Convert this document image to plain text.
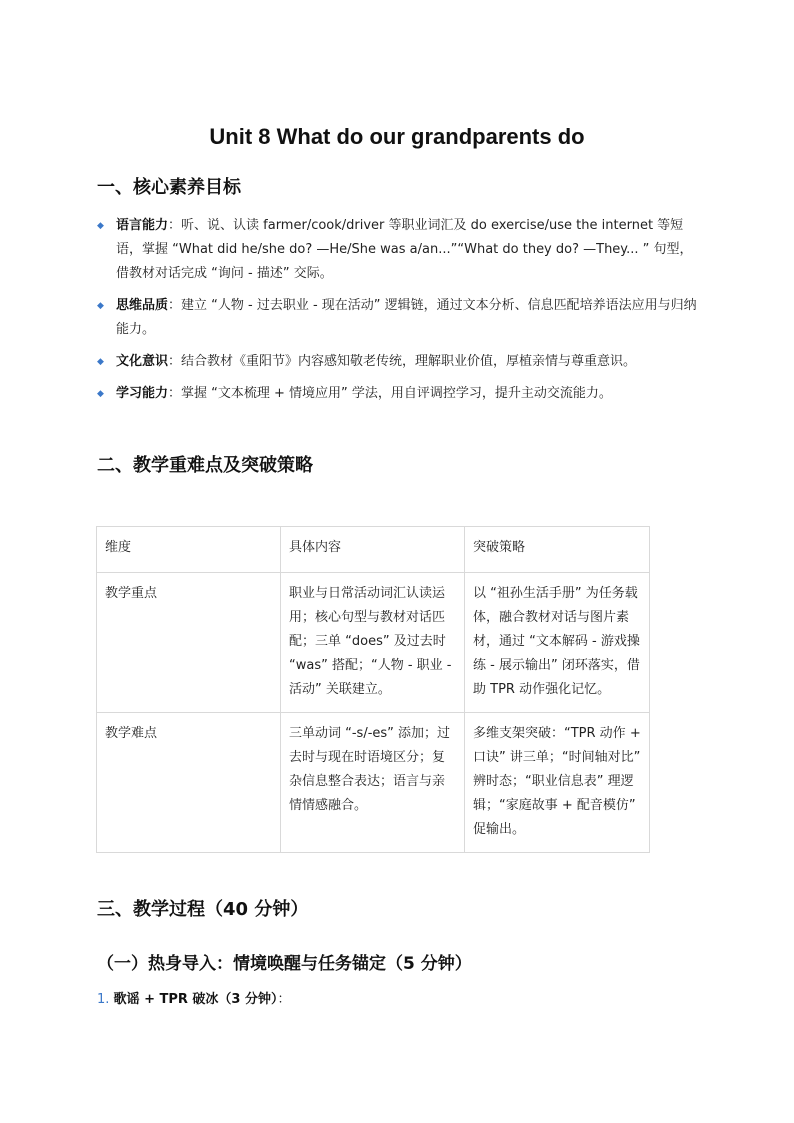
Unit 8 What do our grandparents do
一、核心素养目标
◆ 语言能力：听、说、认读 farmer/cook/driver 等职业词汇及 do exercise/use the internet 等短语，掌握 “What did he/she do? —He/She was a/an...”“What do they do? —They... ” 句型，借教材对话完成 “询问 - 描述” 交际。
◆ 思维品质：建立 “人物 - 过去职业 - 现在活动” 逻辑链，通过文本分析、信息匹配培养语法应用与归纳能力。
◆ 文化意识：结合教材《重阳节》内容感知敬老传统，理解职业价值，厚植亲情与尊重意识。
◆ 学习能力：掌握 “文本梳理 + 情境应用” 学法，用自评调控学习，提升主动交流能力。
二、教学重难点及突破策略
维度	具体内容	突破策略
教学重点	职业与日常活动词汇认读运用；核心句型与教材对话匹配；三单 “does” 及过去时 “was” 搭配；“人物 - 职业 - 活动” 关联建立。	以 “祖孙生活手册” 为任务载体，融合教材对话与图片素材，通过 “文本解码 - 游戏操练 - 展示输出” 闭环落实，借助 TPR 动作强化记忆。
教学难点	三单动词 “-s/-es” 添加；过去时与现在时语境区分；复杂信息整合表达；语言与亲情情感融合。	多维支架突破：“TPR 动作 + 口诀” 讲三单；“时间轴对比” 辨时态；“职业信息表” 理逻辑；“家庭故事 + 配音模仿” 促输出。
三、教学过程（40 分钟）
（一）热身导入：情境唤醒与任务锚定（5 分钟）

1. 歌谣 + TPR 破冰（3 分钟）：
